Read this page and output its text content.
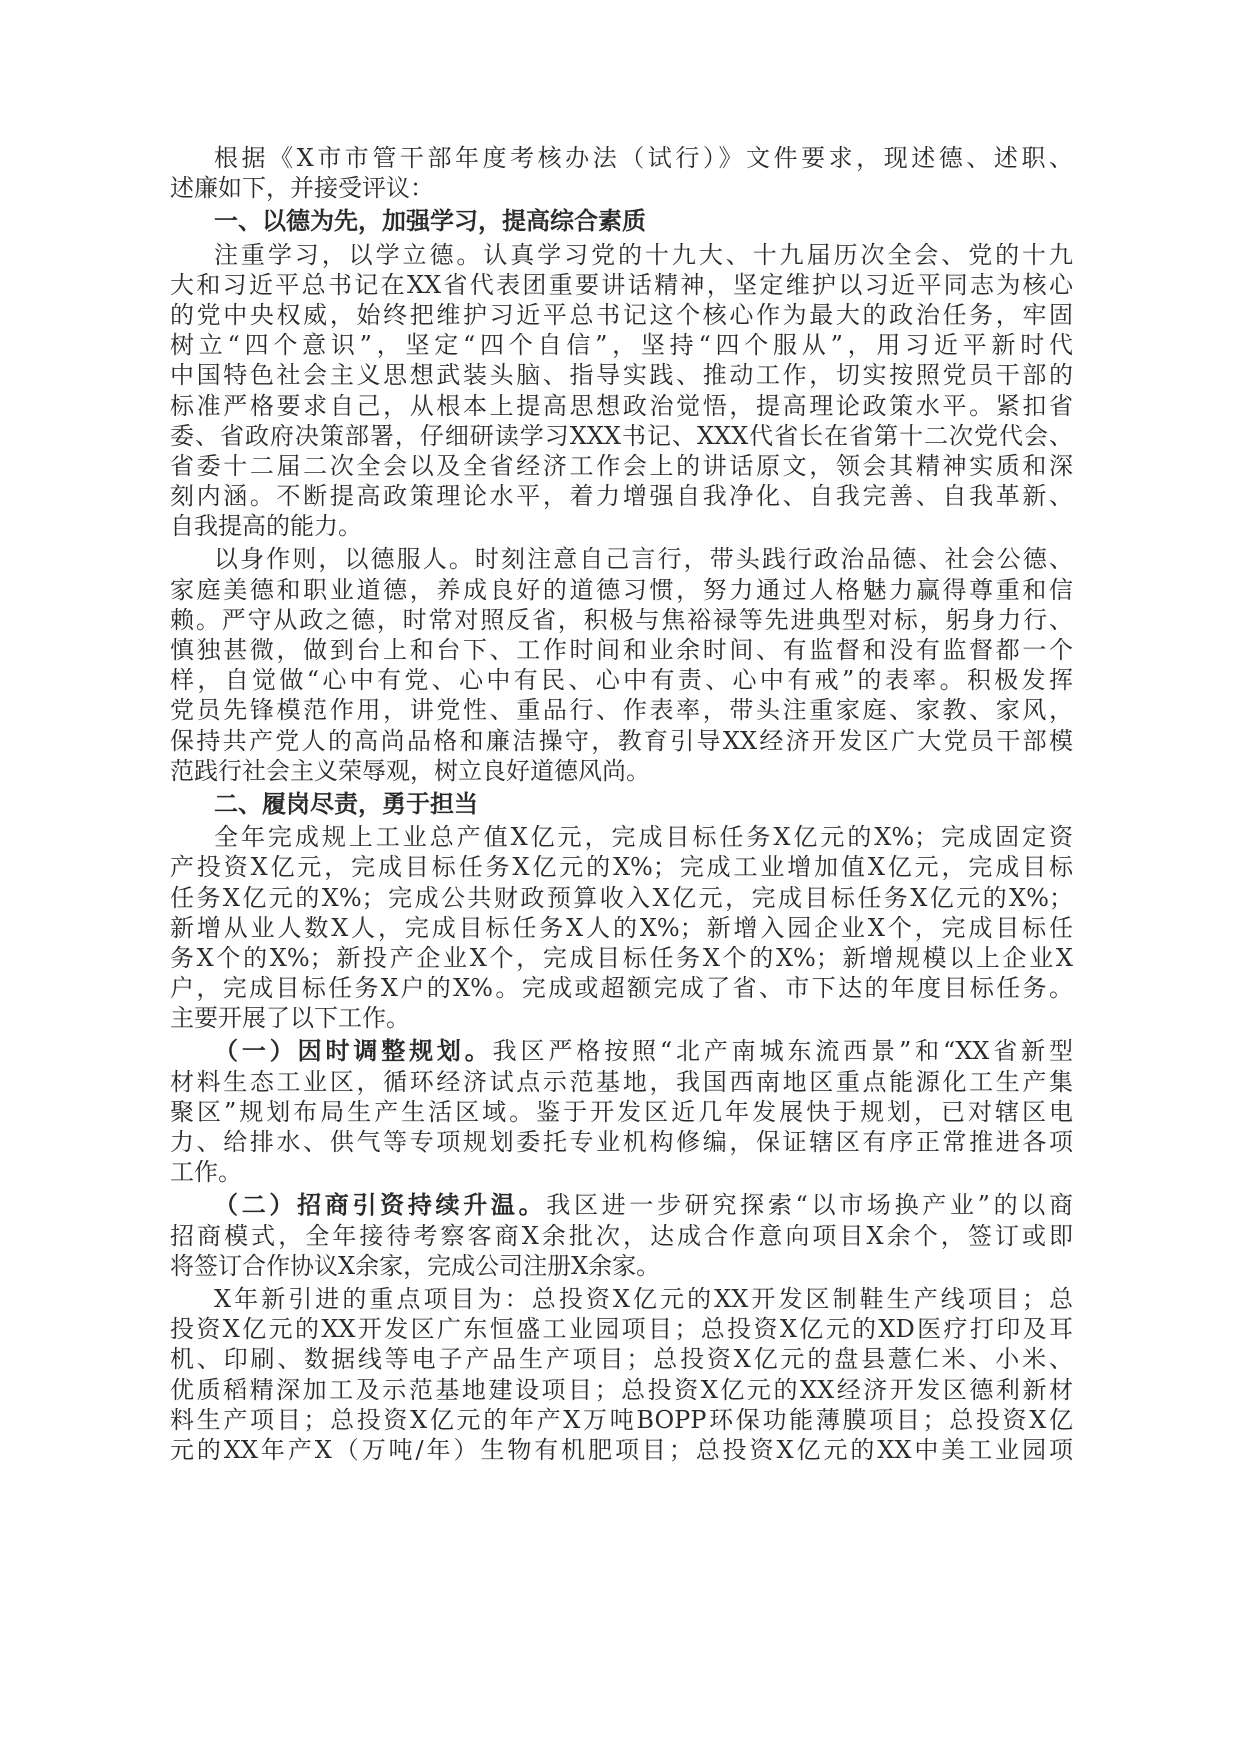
根据《X市市管干部年度考核办法（试行）》文件要求，现述德、述职、
述廉如下，并接受评议：
一、以德为先，加强学习，提高综合素质
注重学习，以学立德。认真学习党的十九大、十九届历次全会、党的十九
大和习近平总书记在XX省代表团重要讲话精神，坚定维护以习近平同志为核心
的党中央权威，始终把维护习近平总书记这个核心作为最大的政治任务，牢固
树立“四个意识”，坚定“四个自信”，坚持“四个服从”，用习近平新时代
中国特色社会主义思想武装头脑、指导实践、推动工作，切实按照党员干部的
标准严格要求自己，从根本上提高思想政治觉悟，提高理论政策水平。紧扣省
委、省政府决策部署，仔细研读学习XXX书记、XXX代省长在省第十二次党代会、
省委十二届二次全会以及全省经济工作会上的讲话原文，领会其精神实质和深
刻内涵。不断提高政策理论水平，着力增强自我净化、自我完善、自我革新、
自我提高的能力。
以身作则，以德服人。时刻注意自己言行，带头践行政治品德、社会公德、
家庭美德和职业道德，养成良好的道德习惯，努力通过人格魅力赢得尊重和信
赖。严守从政之德，时常对照反省，积极与焦裕禄等先进典型对标，躬身力行、
慎独甚微，做到台上和台下、工作时间和业余时间、有监督和没有监督都一个
样，自觉做“心中有党、心中有民、心中有责、心中有戒”的表率。积极发挥
党员先锋模范作用，讲党性、重品行、作表率，带头注重家庭、家教、家风，
保持共产党人的高尚品格和廉洁操守，教育引导XX经济开发区广大党员干部模
范践行社会主义荣辱观，树立良好道德风尚。
二、履岗尽责，勇于担当
全年完成规上工业总产值X亿元，完成目标任务X亿元的X%；完成固定资
产投资X亿元，完成目标任务X亿元的X%；完成工业增加值X亿元，完成目标
任务X亿元的X%；完成公共财政预算收入X亿元，完成目标任务X亿元的X%；
新增从业人数X人，完成目标任务X人的X%；新增入园企业X个，完成目标任
务X个的X%；新投产企业X个，完成目标任务X个的X%；新增规模以上企业X
户，完成目标任务X户的X%。完成或超额完成了省、市下达的年度目标任务。
主要开展了以下工作。
（一）因时调整规划。我区严格按照“北产南城东流西景”和“XX省新型
材料生态工业区，循环经济试点示范基地，我国西南地区重点能源化工生产集
聚区”规划布局生产生活区域。鉴于开发区近几年发展快于规划，已对辖区电
力、给排水、供气等专项规划委托专业机构修编，保证辖区有序正常推进各项
工作。
（二）招商引资持续升温。我区进一步研究探索“以市场换产业”的以商
招商模式，全年接待考察客商X余批次，达成合作意向项目X余个，签订或即
将签订合作协议X余家，完成公司注册X余家。
X年新引进的重点项目为：总投资X亿元的XX开发区制鞋生产线项目；总
投资X亿元的XX开发区广东恒盛工业园项目；总投资X亿元的XD医疗打印及耳
机、印刷、数据线等电子产品生产项目；总投资X亿元的盘县薏仁米、小米、
优质稻精深加工及示范基地建设项目；总投资X亿元的XX经济开发区德利新材
料生产项目；总投资X亿元的年产X万吨BOPP环保功能薄膜项目；总投资X亿
元的XX年产X（万吨/年）生物有机肥项目；总投资X亿元的XX中美工业园项
